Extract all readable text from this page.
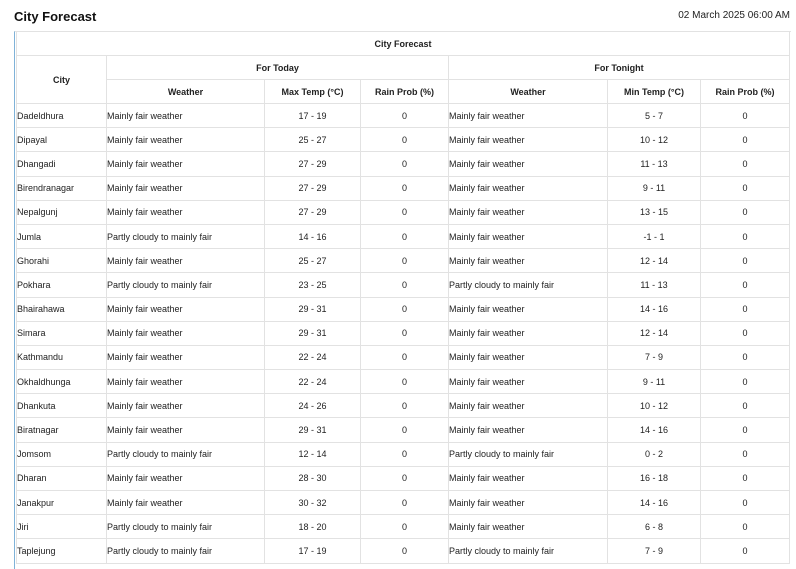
City Forecast	02 March 2025 06:00 AM
City Forecast						
City	For Today			For Tonight		
	Weather	Max Temp (°C)	Rain Prob (%)	Weather	Min Temp (°C)	Rain Prob (%)
Dadeldhura	Mainly fair weather	17 - 19	0	Mainly fair weather	5 - 7	0
Dipayal	Mainly fair weather	25 - 27	0	Mainly fair weather	10 - 12	0
Dhangadi	Mainly fair weather	27 - 29	0	Mainly fair weather	11 - 13	0
Birendranagar	Mainly fair weather	27 - 29	0	Mainly fair weather	9 - 11	0
Nepalgunj	Mainly fair weather	27 - 29	0	Mainly fair weather	13 - 15	0
Jumla	Partly cloudy to mainly fair	14 - 16	0	Mainly fair weather	-1 - 1	0
Ghorahi	Mainly fair weather	25 - 27	0	Mainly fair weather	12 - 14	0
Pokhara	Partly cloudy to mainly fair	23 - 25	0	Partly cloudy to mainly fair	11 - 13	0
Bhairahawa	Mainly fair weather	29 - 31	0	Mainly fair weather	14 - 16	0
Simara	Mainly fair weather	29 - 31	0	Mainly fair weather	12 - 14	0
Kathmandu	Mainly fair weather	22 - 24	0	Mainly fair weather	7 - 9	0
Okhaldhunga	Mainly fair weather	22 - 24	0	Mainly fair weather	9 - 11	0
Dhankuta	Mainly fair weather	24 - 26	0	Mainly fair weather	10 - 12	0
Biratnagar	Mainly fair weather	29 - 31	0	Mainly fair weather	14 - 16	0
Jomsom	Partly cloudy to mainly fair	12 - 14	0	Partly cloudy to mainly fair	0 - 2	0
Dharan	Mainly fair weather	28 - 30	0	Mainly fair weather	16 - 18	0
Janakpur	Mainly fair weather	30 - 32	0	Mainly fair weather	14 - 16	0
Jiri	Partly cloudy to mainly fair	18 - 20	0	Mainly fair weather	6 - 8	0
Taplejung	Partly cloudy to mainly fair	17 - 19	0	Partly cloudy to mainly fair	7 - 9	0
